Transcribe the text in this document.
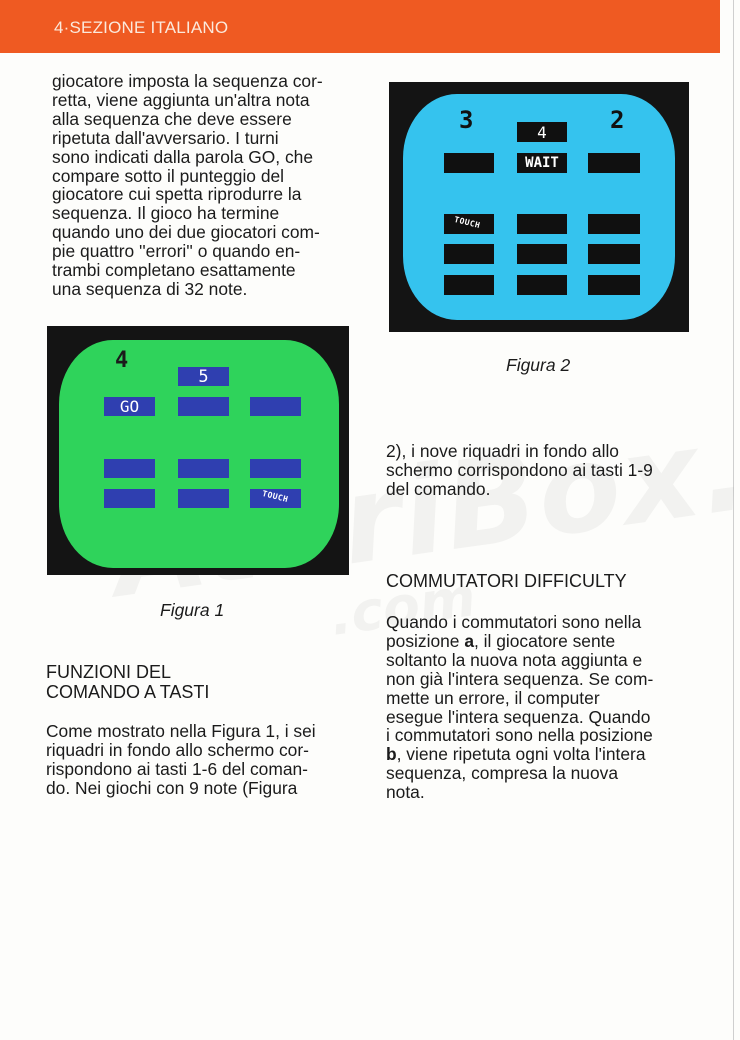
4·SEZIONE ITALIANO

giocatore imposta la sequenza cor-
retta, viene aggiunta un'altra nota
alla sequenza che deve essere
ripetuta dall'avversario. I turni
sono indicati dalla parola GO, che
compare sotto il punteggio del
giocatore cui spetta riprodurre la
sequenza. Il gioco ha termine
quando uno dei due giocatori com-
pie quattro ''errori'' o quando en-
trambi completano esattamente
una sequenza di 32 note.

3	2
4
WAIT
TOUCH
Figura 2
4
5
GO
TOUCH
Figura 1

2), i nove riquadri in fondo allo
schermo corrispondono ai tasti 1-9
del comando.

COMMUTATORI DIFFICULTY

Quando i commutatori sono nella
posizione a, il giocatore sente
soltanto la nuova nota aggiunta e
non già l'intera sequenza. Se com-
mette un errore, il computer
esegue l'intera sequenza. Quando
i commutatori sono nella posizione
b, viene ripetuta ogni volta l'intera
sequenza, compresa la nuova
nota.

FUNZIONI DEL
COMANDO A TASTI

Come mostrato nella Figura 1, i sei
riquadri in fondo allo schermo cor-
rispondono ai tasti 1-6 del coman-
do. Nei giochi con 9 note (Figura
